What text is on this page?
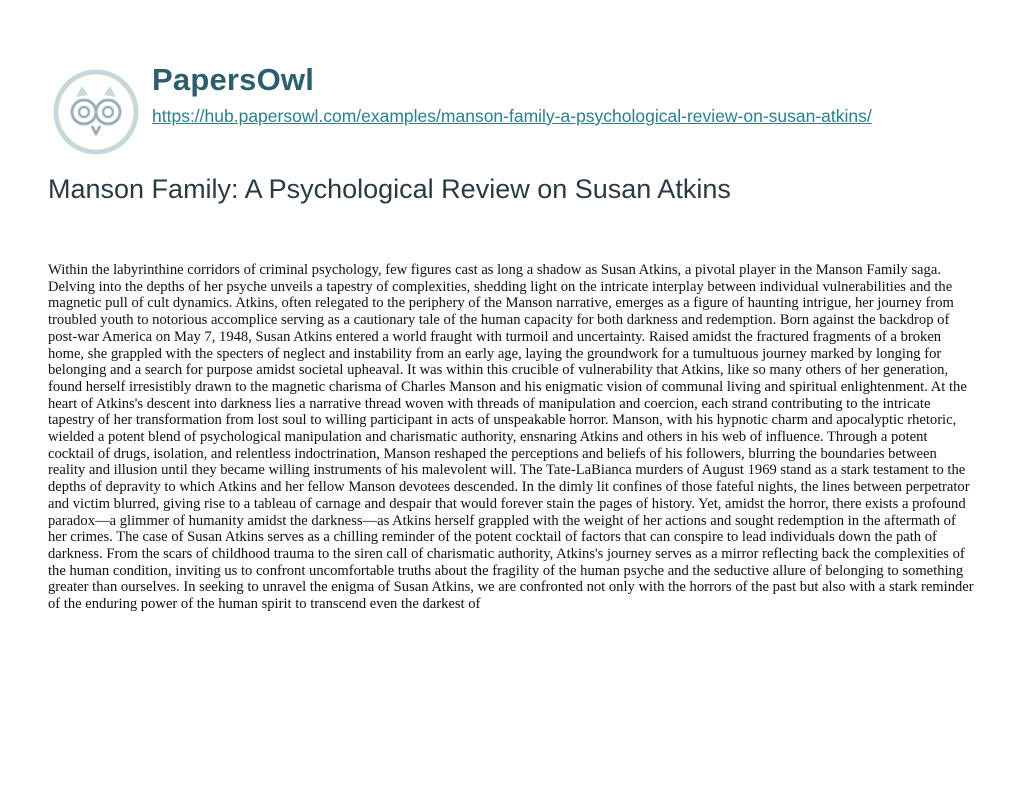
PapersOwl
https://hub.papersowl.com/examples/manson-family-a-psychological-review-on-susan-atkins/
Manson Family: A Psychological Review on Susan Atkins

Within the labyrinthine corridors of criminal psychology, few figures cast as long a shadow as Susan Atkins, a pivotal player in the Manson Family saga. Delving into the depths of her psyche unveils a tapestry of complexities, shedding light on the intricate interplay between individual vulnerabilities and the magnetic pull of cult dynamics. Atkins, often relegated to the periphery of the Manson narrative, emerges as a figure of haunting intrigue, her journey from troubled youth to notorious accomplice serving as a cautionary tale of the human capacity for both darkness and redemption. Born against the backdrop of post-war America on May 7, 1948, Susan Atkins entered a world fraught with turmoil and uncertainty. Raised amidst the fractured fragments of a broken home, she grappled with the specters of neglect and instability from an early age, laying the groundwork for a tumultuous journey marked by longing for belonging and a search for purpose amidst societal upheaval. It was within this crucible of vulnerability that Atkins, like so many others of her generation, found herself irresistibly drawn to the magnetic charisma of Charles Manson and his enigmatic vision of communal living and spiritual enlightenment. At the heart of Atkins's descent into darkness lies a narrative thread woven with threads of manipulation and coercion, each strand contributing to the intricate tapestry of her transformation from lost soul to willing participant in acts of unspeakable horror. Manson, with his hypnotic charm and apocalyptic rhetoric, wielded a potent blend of psychological manipulation and charismatic authority, ensnaring Atkins and others in his web of influence. Through a potent cocktail of drugs, isolation, and relentless indoctrination, Manson reshaped the perceptions and beliefs of his followers, blurring the boundaries between reality and illusion until they became willing instruments of his malevolent will. The Tate-LaBianca murders of August 1969 stand as a stark testament to the depths of depravity to which Atkins and her fellow Manson devotees descended. In the dimly lit confines of those fateful nights, the lines between perpetrator and victim blurred, giving rise to a tableau of carnage and despair that would forever stain the pages of history. Yet, amidst the horror, there exists a profound paradox—a glimmer of humanity amidst the darkness—as Atkins herself grappled with the weight of her actions and sought redemption in the aftermath of her crimes. The case of Susan Atkins serves as a chilling reminder of the potent cocktail of factors that can conspire to lead individuals down the path of darkness. From the scars of childhood trauma to the siren call of charismatic authority, Atkins's journey serves as a mirror reflecting back the complexities of the human condition, inviting us to confront uncomfortable truths about the fragility of the human psyche and the seductive allure of belonging to something greater than ourselves. In seeking to unravel the enigma of Susan Atkins, we are confronted not only with the horrors of the past but also with a stark reminder of the enduring power of the human spirit to transcend even the darkest of
